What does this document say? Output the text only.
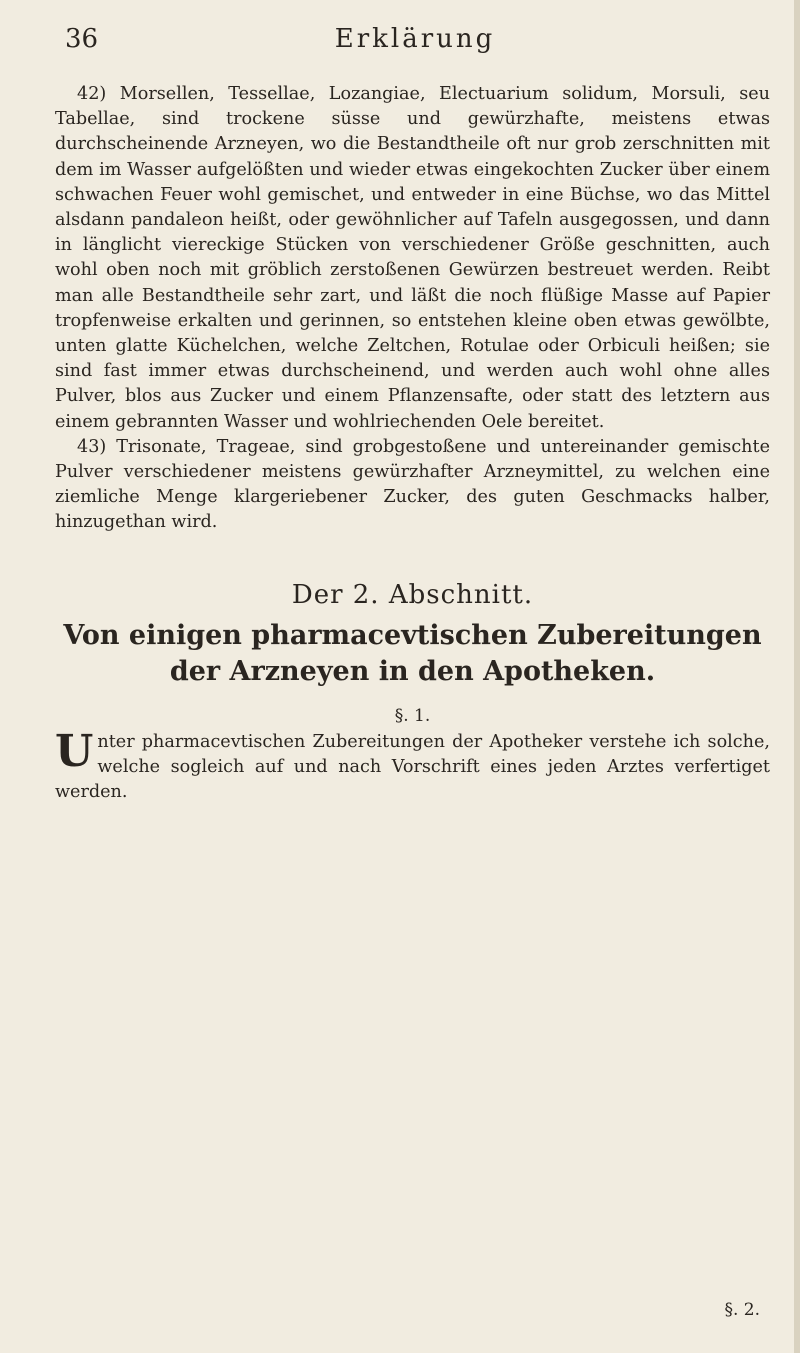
36	Erklärung

42) Morsellen, Tessellae, Lozangiae, Electuarium solidum, Morsuli, seu Tabellae, sind trockene süsse und gewürzhafte, meistens etwas durchscheinende Arzneyen, wo die Bestandtheile oft nur grob zerschnitten mit dem im Wasser aufgelößten und wieder etwas eingekochten Zucker über einem schwachen Feuer wohl gemischet, und entweder in eine Büchse, wo das Mittel alsdann pandaleon heißt, oder gewöhnlicher auf Tafeln ausgegossen, und dann in länglicht viereckige Stücken von verschiedener Größe geschnitten, auch wohl oben noch mit gröblich zerstoßenen Gewürzen bestreuet werden. Reibt man alle Bestandtheile sehr zart, und läßt die noch flüßige Masse auf Papier tropfenweise erkalten und gerinnen, so entstehen kleine oben etwas gewölbte, unten glatte Küchelchen, welche Zeltchen, Rotulae oder Orbiculi heißen; sie sind fast immer etwas durchscheinend, und werden auch wohl ohne alles Pulver, blos aus Zucker und einem Pflanzensafte, oder statt des letztern aus einem gebrannten Wasser und wohlriechenden Oele bereitet.

43) Trisonate, Trageae, sind grobgestoßene und untereinander gemischte Pulver verschiedener meistens gewürzhafter Arzneymittel, zu welchen eine ziemliche Menge klargeriebener Zucker, des guten Geschmacks halber, hinzugethan wird.

Der 2. Abschnitt.
Von einigen pharmacevtischen Zubereitungen
der Arzneyen in den Apotheken.
§. 1.
Unter pharmacevtischen Zubereitungen der Apotheker verstehe ich solche, welche sogleich auf und nach Vorschrift eines jeden Arztes verfertiget werden.
§. 2.
